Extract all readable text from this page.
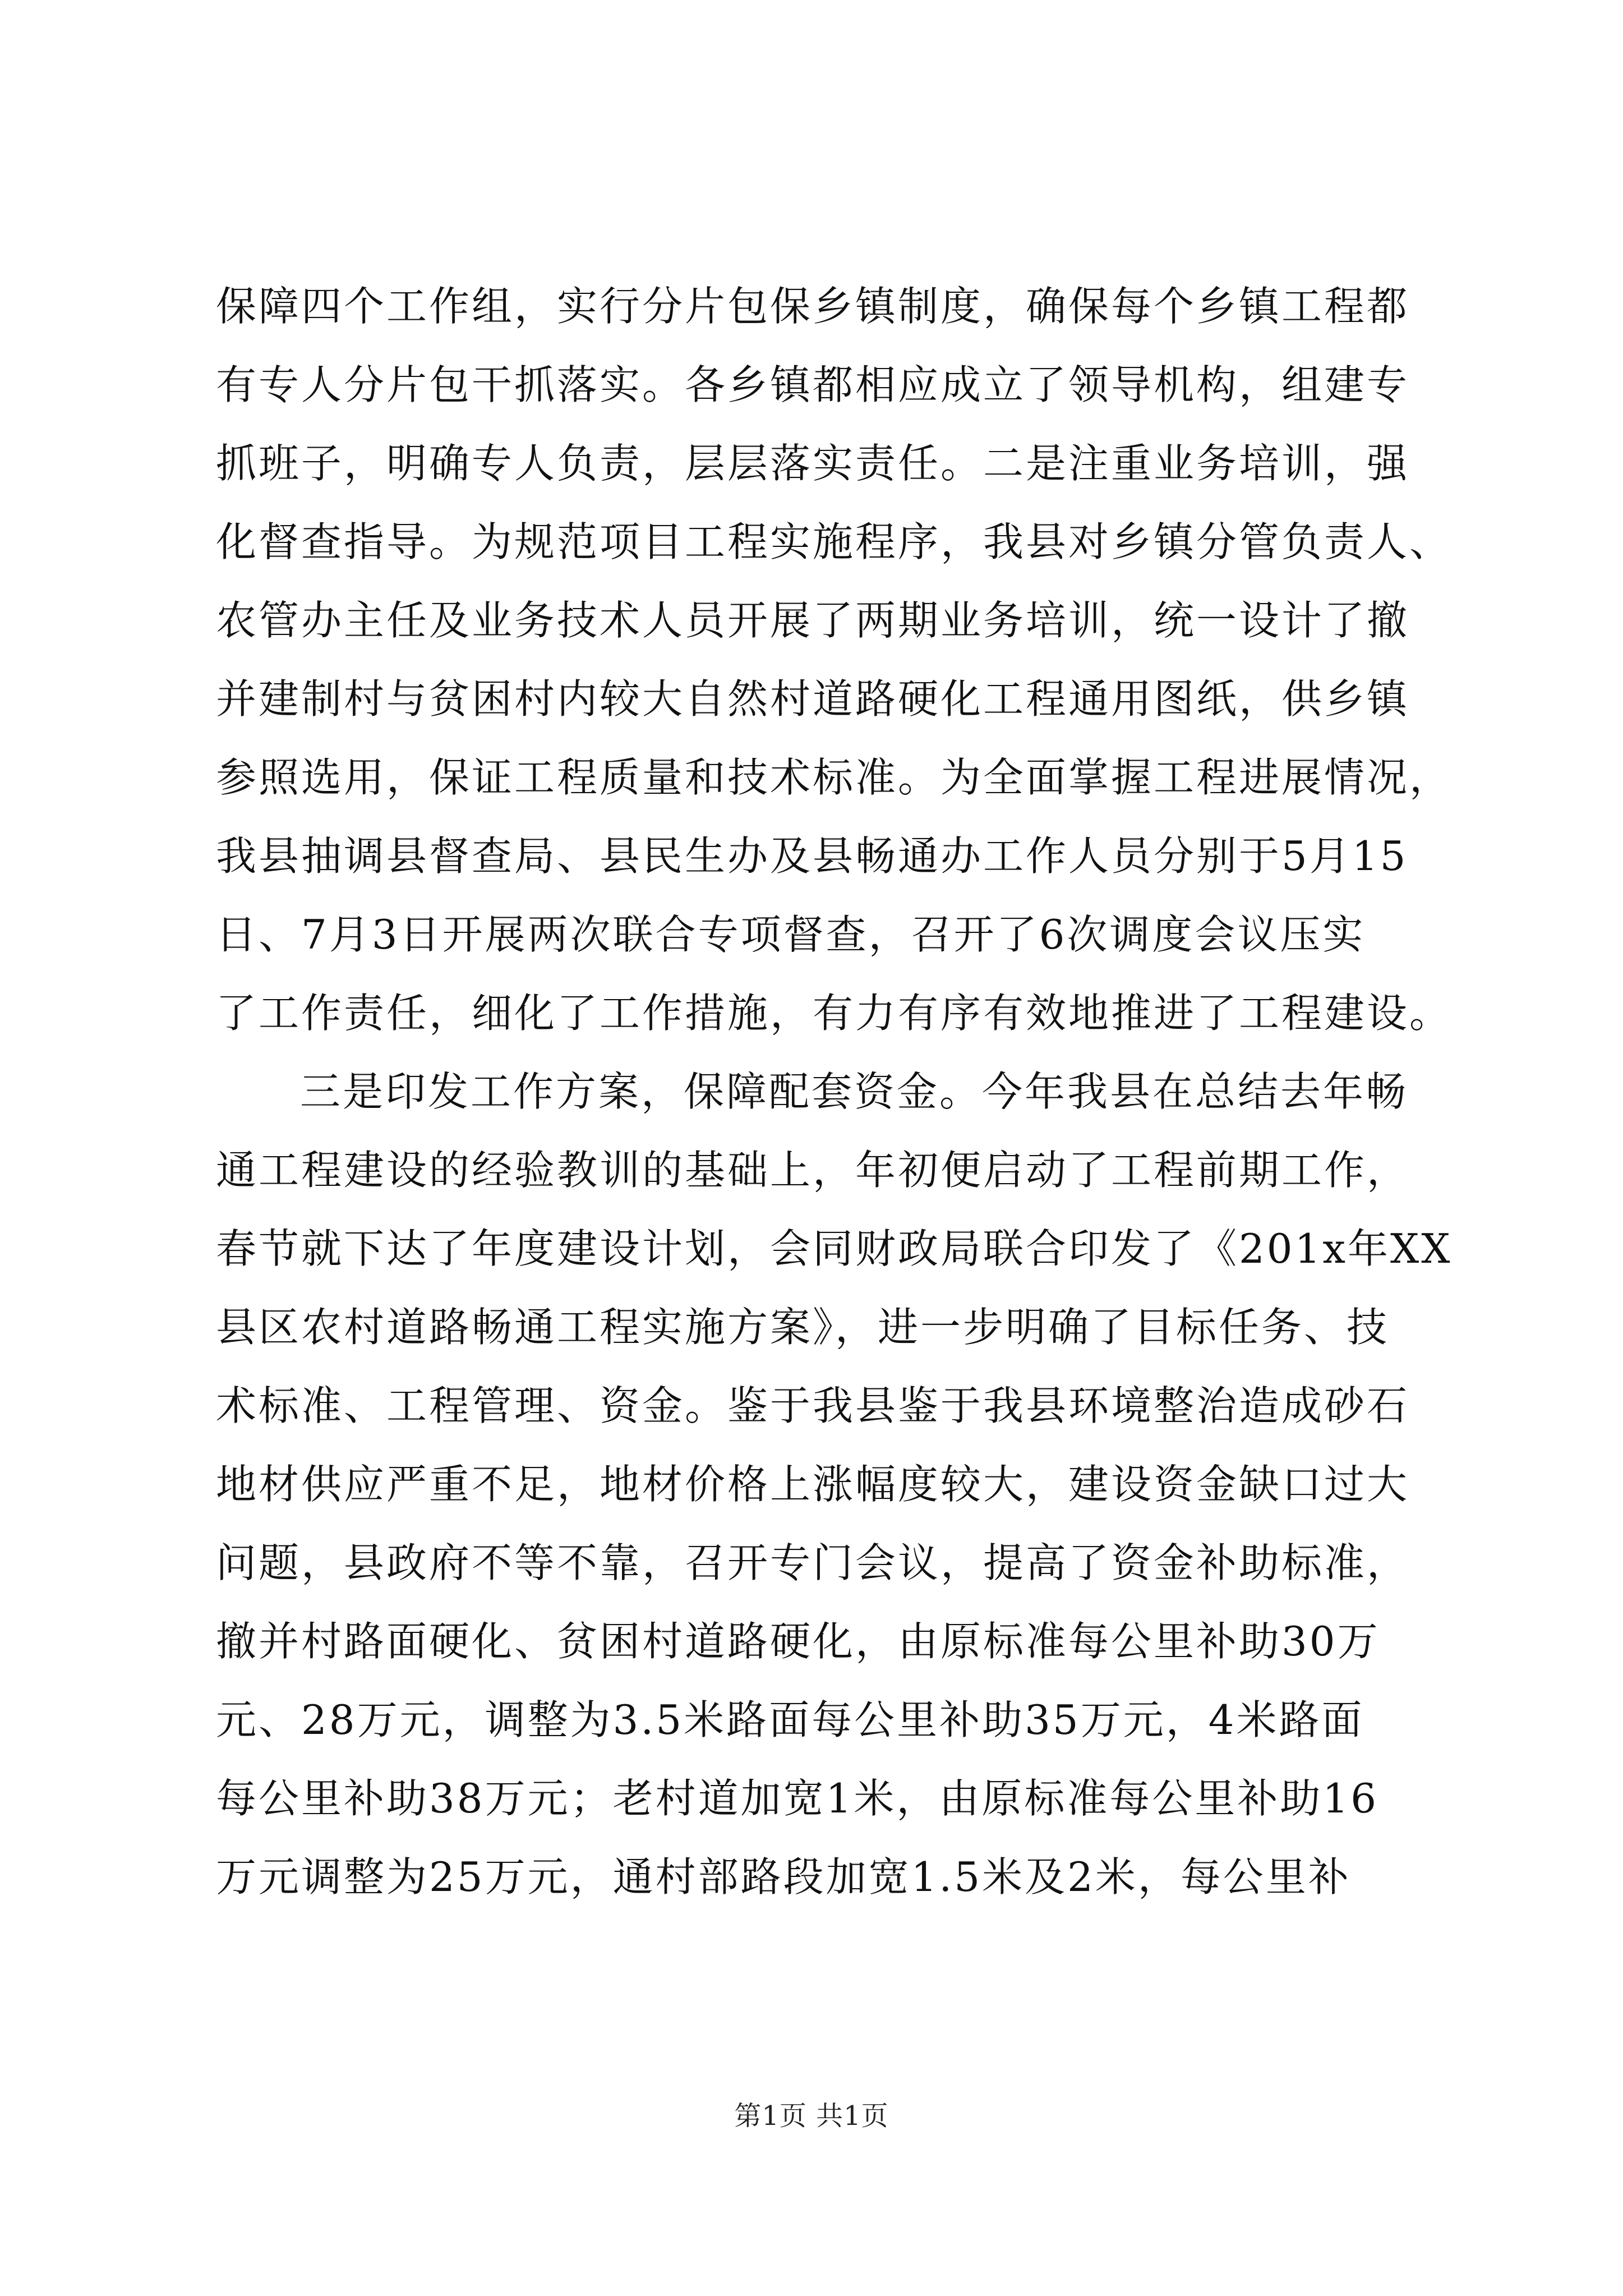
保障四个工作组，实行分片包保乡镇制度，确保每个乡镇工程都
有专人分片包干抓落实。各乡镇都相应成立了领导机构，组建专
抓班子，明确专人负责，层层落实责任。二是注重业务培训，强
化督查指导。为规范项目工程实施程序，我县对乡镇分管负责人、
农管办主任及业务技术人员开展了两期业务培训，统一设计了撤
并建制村与贫困村内较大自然村道路硬化工程通用图纸，供乡镇
参照选用，保证工程质量和技术标准。为全面掌握工程进展情况，
我县抽调县督查局、县民生办及县畅通办工作人员分别于5月15
日、7月3日开展两次联合专项督查，召开了6次调度会议压实
了工作责任，细化了工作措施，有力有序有效地推进了工程建设。
三是印发工作方案，保障配套资金。今年我县在总结去年畅
通工程建设的经验教训的基础上，年初便启动了工程前期工作，
春节就下达了年度建设计划，会同财政局联合印发了《201x年XX
县区农村道路畅通工程实施方案》，进一步明确了目标任务、技
术标准、工程管理、资金。鉴于我县鉴于我县环境整治造成砂石
地材供应严重不足，地材价格上涨幅度较大，建设资金缺口过大
问题，县政府不等不靠，召开专门会议，提高了资金补助标准，
撤并村路面硬化、贫困村道路硬化，由原标准每公里补助30万
元、28万元，调整为3.5米路面每公里补助35万元，4米路面
每公里补助38万元；老村道加宽1米，由原标准每公里补助16
万元调整为25万元，通村部路段加宽1.5米及2米，每公里补
第1页 共1页
